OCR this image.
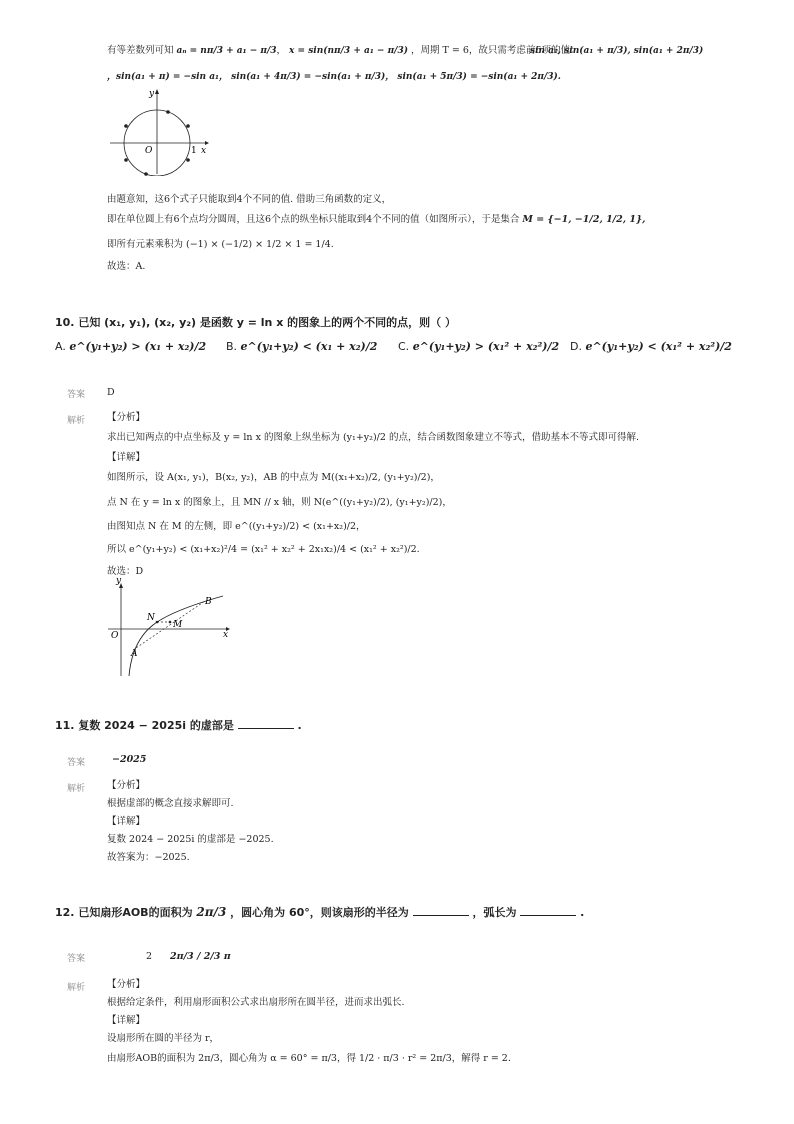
有等差数列可知 aₙ = nπ/3 + a₁ − π/3， x = sin(nπ/3 + a₁ − π/3) ，周期 T = 6，故只需考虑前6项的值：
sin a₁, sin(a₁ + π/3), sin(a₁ + 2π/3)
，sin(a₁ + π) = −sin a₁， sin(a₁ + 4π/3) = −sin(a₁ + π/3)， sin(a₁ + 5π/3) = −sin(a₁ + 2π/3).
y
x
O	1
由题意知，这6个式子只能取到4个不同的值. 借助三角函数的定义，
即在单位圆上有6个点均分圆周，且这6个点的纵坐标只能取到4个不同的值（如图所示），于是集合 M = {−1, −1/2, 1/2, 1},
即所有元素乘积为 (−1) × (−1/2) × 1/2 × 1 = 1/4.
故选：A.
10. 已知 (x₁, y₁), (x₂, y₂) 是函数 y = ln x 的图象上的两个不同的点，则（ ）
A. e^(y₁+y₂) > (x₁ + x₂)/2 B. e^(y₁+y₂) < (x₁ + x₂)/2 C. e^(y₁+y₂) > (x₁² + x₂²)/2 D. e^(y₁+y₂) < (x₁² + x₂²)/2
答案 D
解析 【分析】
求出已知两点的中点坐标及 y = ln x 的图象上纵坐标为 (y₁+y₂)/2 的点，结合函数图象建立不等式，借助基本不等式即可得解.
【详解】
如图所示，设 A(x₁, y₁)，B(x₂, y₂)，AB 的中点为 M((x₁+x₂)/2, (y₁+y₂)/2)，
点 N 在 y = ln x 的图象上，且 MN // x 轴，则 N(e^((y₁+y₂)/2), (y₁+y₂)/2)，
由图知点 N 在 M 的左侧，即 e^((y₁+y₂)/2) < (x₁+x₂)/2，
所以 e^(y₁+y₂) < (x₁+x₂)²/4 = (x₁² + x₂² + 2x₁x₂)/4 < (x₁² + x₂²)/2.
故选：D
y
x
O
A
B
N
M
11. 复数 2024 − 2025i 的虚部是	.
答案	−2025
解析 【分析】
根据虚部的概念直接求解即可.
【详解】
复数 2024 − 2025i 的虚部是 −2025.
故答案为：−2025.
12. 已知扇形AOB的面积为 2π/3 ，圆心角为 60°，则该扇形的半径为	，弧长为	.
答案	2 2π/3 / 2/3 π
解析 【分析】
根据给定条件，利用扇形面积公式求出扇形所在圆半径，进而求出弧长.
【详解】
设扇形所在圆的半径为 r，
由扇形AOB的面积为 2π/3，圆心角为 α = 60° = π/3，得 1/2 · π/3 · r² = 2π/3，解得 r = 2.
